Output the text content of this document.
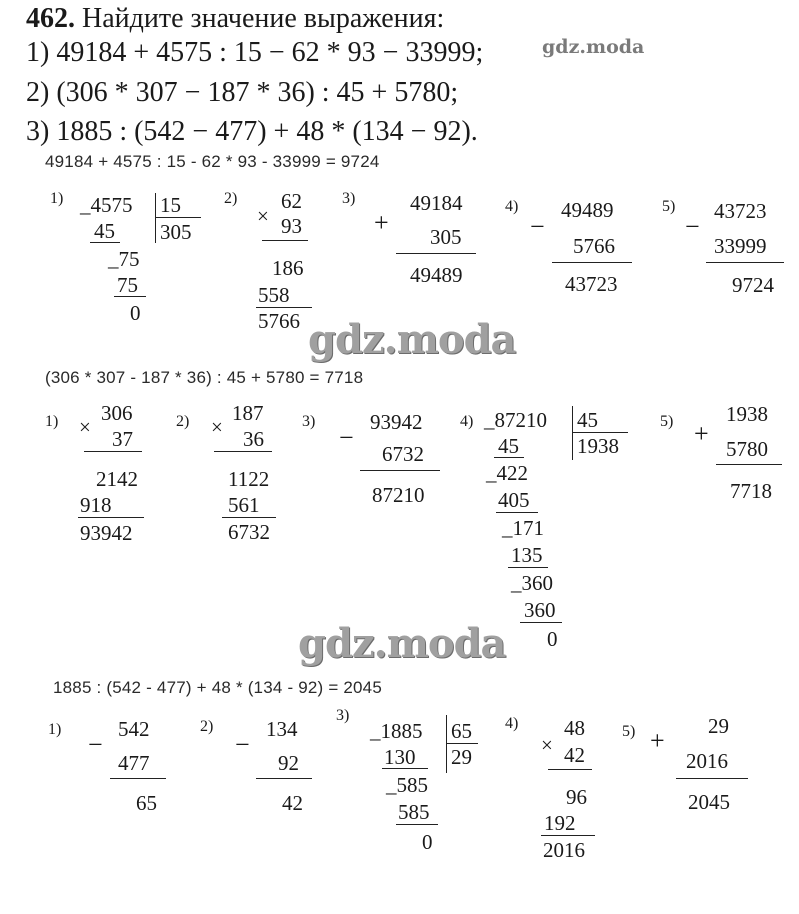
462. Найдите значение выражения:
1) 49184 + 4575 : 15 − 62 * 93 − 33999;
2) (306 * 307 − 187 * 36) : 45 + 5780;
3) 1885 : (542 − 477) + 48 * (134 − 92).
gdz.moda
49184 + 4575 : 15 - 62 * 93 - 33999 = 9724
1) _4575
45
_75
75
0
15
305
2)
×
62
93
186
558
5766
3)
+
49184
305
49489
4)
−
49489
5766
43723
5)
−
43723
33999
9724
gdz.moda
(306 * 307 - 187 * 36) : 45 + 5780 = 7718
1) ×
306
37
2142
918
93942
2) ×
187
36
1122
561
6732
3)
−
93942
6732
87210
4) _87210
45
_422
405
_171
135
_360
360
0
45
1938
5) +
1938
5780
7718
gdz.moda
1885 : (542 - 477) + 48 * (134 - 92) = 2045
1)
−
542
477
65
2)
−
134
92
42
3)
_1885
130
_585
585
0
65
29
4)
×
48
42
96
192
2016
5) + 29
2016
2045
